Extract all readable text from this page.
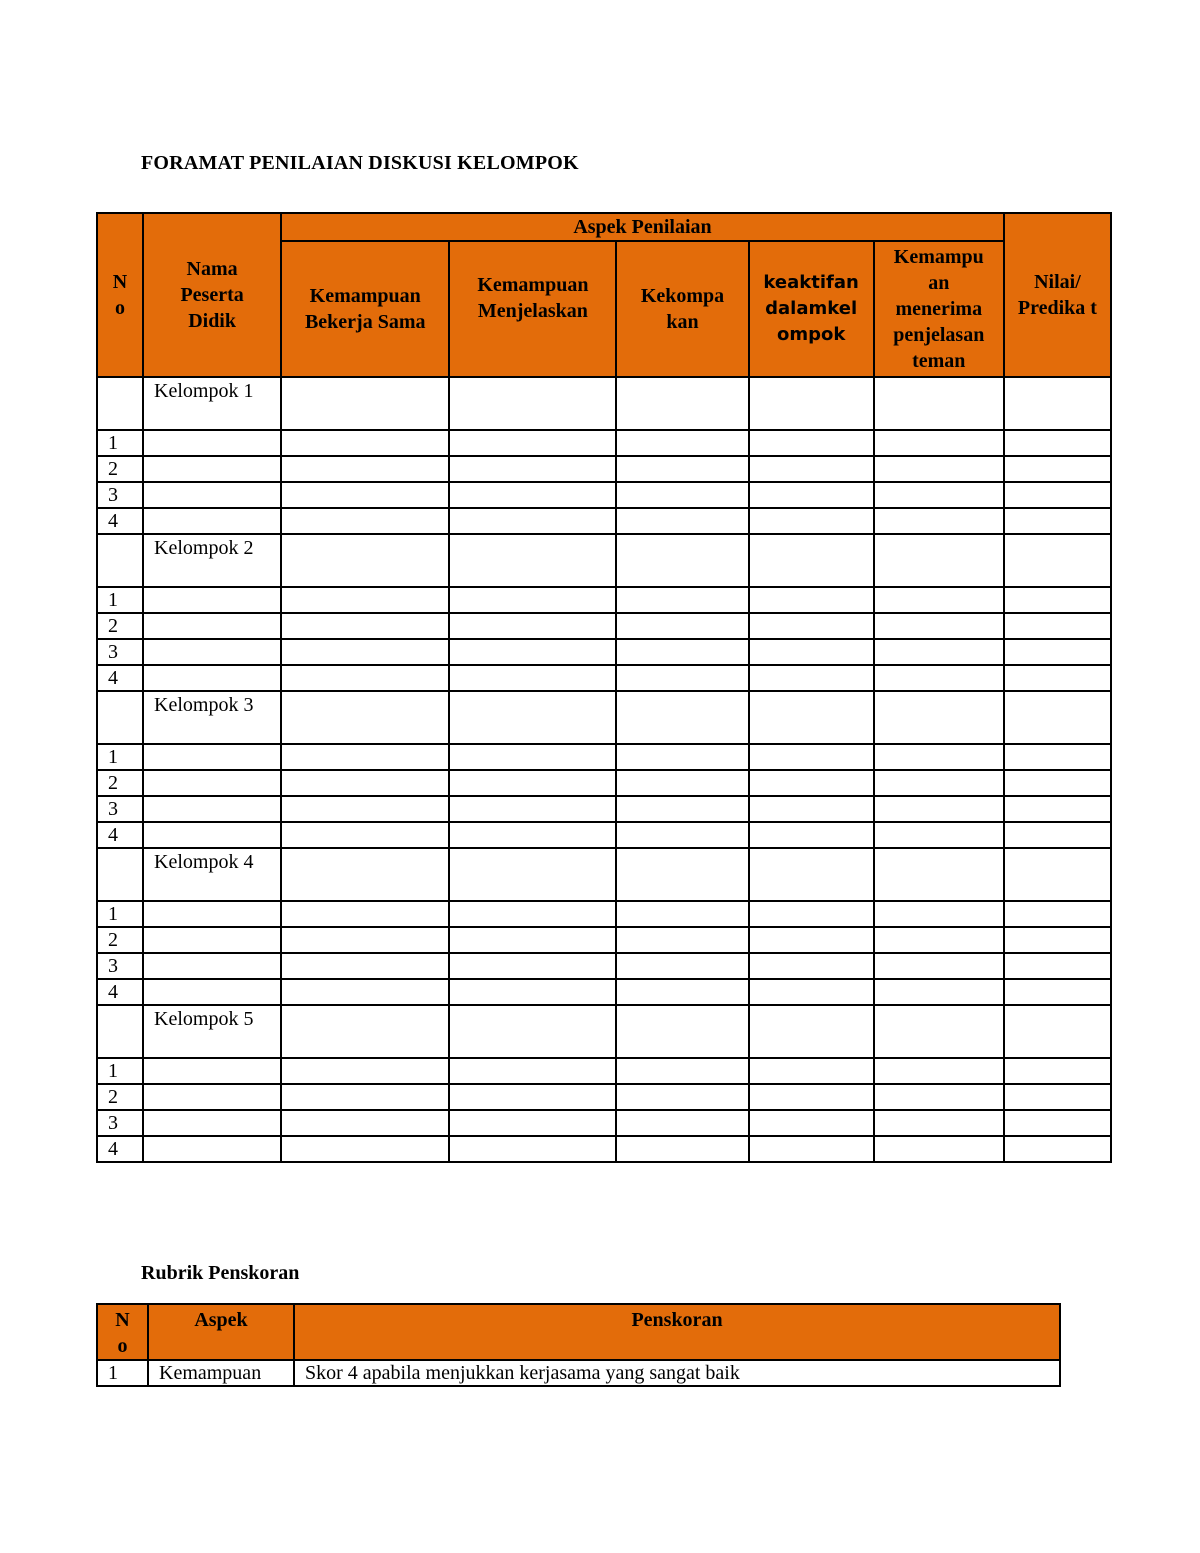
FORAMAT PENILAIAN DISKUSI KELOMPOK
N o	Nama Peserta Didik	Aspek Penilaian					Nilai/ Predika t

		Kemampuan Bekerja Sama	Kemampuan Menjelaskan	Kekompa kan	keaktifan dalamkel ompok	Kemampu an menerima penjelasan teman	

	Kelompok 1						
1							
2							
3							
4							
	Kelompok 2						
1							
2							
3							
4							
	Kelompok 3						
1							
2							
3							
4							
	Kelompok 4						
1							
2							
3							
4							
	Kelompok 5						
1							
2							
3							
4							
Rubrik Penskoran
N o	Aspek	Penskoran
1	Kemampuan	Skor 4 apabila menjukkan kerjasama yang sangat baik
